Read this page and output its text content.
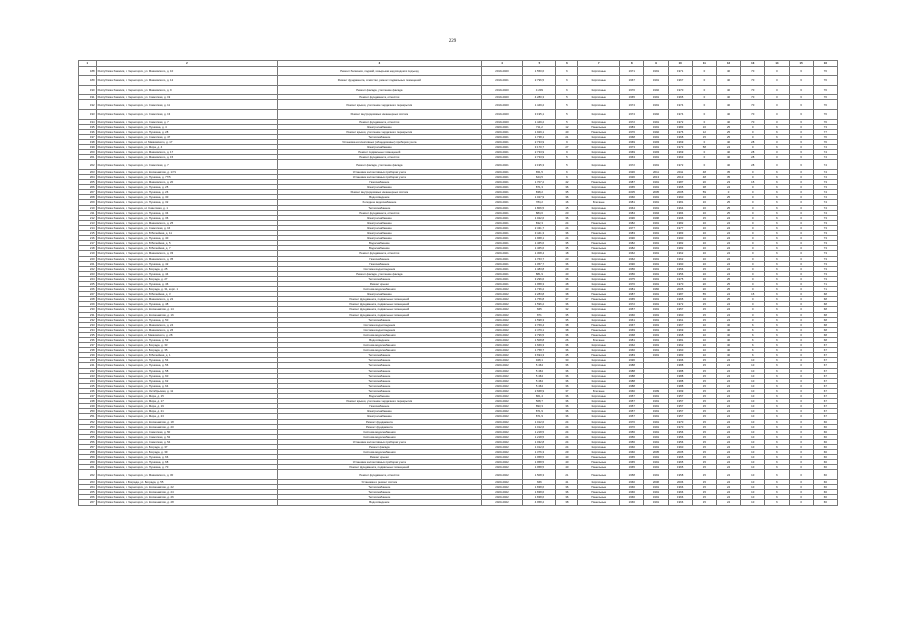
229
1	2	3	4	5	6	7	8	9	10	11	12	13	14	15	16
188	Республика Хакасия, г. Черногорск, ул. Маяковского, д. 10	Ремонт балконов, лоджий, козырьков над входом в подъезд	2019-2020	1 550,6	6	Кирпичные	1971	1991	1971	0	40	70	0	6	76
189	Республика Хакасия, г. Черногорск, ул. Маяковского, д. 12	Ремонт фундамента, отмостки, ремонт подвальных помещений	2019-2021	2 796,5	6	Кирпичные	1967	1991	1967	0	40	70	0	6	76
190	Республика Хакасия, г. Черногорск, ул. Маяковского, д. 9	Ремонт фасада, утепление фасада	2019-2020	4 209	6	Кирпичные	1970	1992	1970	0	40	70	0	6	76
191	Республика Хакасия, г. Черногорск, ул. Советская, д. 19	Ремонт фундамента, отмостки	2019-2020	4 280,3	5	Кирпичные	1965	1991	1965	0	40	70	0	6	76
192	Республика Хакасия, г. Черногорск, ул. Советская, д. 11	Ремонт крыши, утепление чердачного перекрытия	2019-2020	1 449,2	5	Кирпичные	1974	1991	1974	0	40	70	0	6	76
193	Республика Хакасия, г. Черногорск, ул. Советская, д. 13	Ремонт внутридомовых инженерных систем	2019-2020	3 195,1	5	Кирпичные	1974	1992	1974	0	40	70	0	6	76
194	Республика Хакасия, г. Черногорск, ул. Советская, д. 7	Ремонт фундамента, отмостки	2019-2020	1 449,2	5	Кирпичные	1972	1991	1972	0	40	70	0	6	76
195	Республика Хакасия, г. Черногорск, ул. Пушкина, д. 4	Электроснабжение	2020-2021	711,2	12	Панельные	1983	1991	1983	16	25	0	6	0	73
196	Республика Хакасия, г. Черногорск, ул. Пушкина, д. 28	Ремонт крыши, утепление чердачного перекрытия	2020-2021	1 929,1	40	Панельные	1976	1992	1976	12	25	0	6	0	77
197	Республика Хакасия, г. Черногорск, ул. Советская, д. 47	Теплоснабжение	2020-2021	1 738,1	21	Кирпичные	1968	1991	1968	15	25	0	6	0	76
198	Республика Хакасия, г. Черногорск, ul. Маяковского, д. 17	Установка коллективных (общедомовых) приборов учета	2020-2021	2 733,9	9	Кирпичные	1969	1993	1969	0	40	28	0	6	76
199	Республика Хакасия, г. Черногорск, ул. Мира, д. 4	Электроснабжение	2020-2021	3 170,7	27	Кирпичные	1973	1991	1973	58	24	0	6	0	74
200	Республика Хакасия, г. Черногорск, ул. Маяковского, д. 17	Ремонт подвальных помещений	2020-2021	2 733,9	9	Кирпичные	1969	1993	1969	0	40	28	0	6	74
201	Республика Хакасия, г. Черногорск, ул. Маяковского, д. 15	Ремонт фундамента, отмостки	2020-2021	2 733,9	5	Кирпичные	1963	1991	1963	0	40	28	0	6	74
202	Республика Хакасия, г. Черногорск, ул. Советская, д. 7	Ремонт фасада, утепление фасада	2020-2021	2 195,3	5	Кирпичные	1972	1991	1972	0	40	28	0	6	74
203	Республика Хакасия, г. Черногорск, ул. Космонавтов, д. 17/1	Установка коллективных приборов учета	2020-2021	651,5	6	Кирпичные	1936	2011	2011	48	35	0	6	0	74
204	Республика Хакасия, г. Черногорск, ул. Пушкина, д. 77/5	Установка коллективных приборов учета	2020-2021	624,5	6	Кирпичные	1936	2013	2013	48	35	0	6	0	74
205	Республика Хакасия, г. Черногорск, ул. Маяковского, д. 20	Газоснабжение	2020-2021	1 707,2	42	Панельные	1987	1991	1987	20	23	15	6	0	73
206	Республика Хакасия, г. Черногорск, ул. Пушкина, д. 25	Электроснабжение	2020-2021	871,3	36	Кирпичные	1965	1991	1965	38	24	0	6	0	73
207	Республика Хакасия, г. Черногорск, ул. Пушкина, д. 26	Ремонт внутридомовых инженерных систем	2020-2021	838,2	35	Кирпичные	2005	2005	2005	59	0	0	6	0	74
208	Республика Хакасия, г. Черногорск, ул. Пушкина, д. 30	Водоотведение	2020-2021	1 027,9	36	Кирпичные	1960	1991	1960	16	25	0	6	0	74
209	Республика Хакасия, г. Черногорск, ул. Пушкина, д. 32	Холодное водоснабжение	2020-2021	784,2	16	Блочные	1981	1991	1981	16	25	0	6	0	74
210	Республика Хакасия, г. Черногорск, ul. Советская, д. 1	Теплоснабжение	2020-2021	1 806,5	15	Кирпичные	1964	1991	1964	16	25	0	6	0	74
211	Республика Хакасия, г. Черногорск, ул. Пушкина, д. 34	Ремонт фундамента, отмостки	2020-2021	884,6	20	Кирпичные	1984	1994	1984	16	25	0	6	0	74
212	Республика Хакасия, г. Черногорск, ул. Пушкина, д. 36	Электроснабжение	2020-2021	1 022,6	36	Кирпичные	1996	1996	1996	15	24	0	6	0	73
213	Республика Хакасия, г. Черногорск, ул. Маяковского, д. 25	Электроснабжение	2020-2021	832,3	24	Панельные	1982	1991	1982	16	24	0	6	0	73
214	Республика Хакасия, г. Черногорск, ул. Советская, д. 16	Электроснабжение	2020-2021	2 431,7	24	Кирпичные	1977	1991	1977	16	24	0	6	0	73
215	Республика Хакасия, г. Черногорск, ул. Юбилейная, д. 11	Электроснабжение	2020-2021	3 441,3	36	Панельные	1983	1991	1983	16	24	0	6	0	73
216	Республика Хакасия, г. Черногорск, ул. Пушкина, д. 40	Электроснабжение	2020-2021	1 968,1	24	Кирпичные	1990	1991	1990	16	24	0	6	0	73
217	Республика Хакасия, г. Черногорск, ул. Юбилейная, д. 5	Водоснабжение	2020-2021	1 465,6	35	Панельные	1982	1991	1982	16	24	0	6	0	73
218	Республика Хакасия, г. Черногорск, ул. Юбилейная, д. 7	Водоснабжение	2020-2021	1 465,6	35	Панельные	1982	1991	1982	16	24	0	6	0	73
219	Республика Хакасия, г. Черногорск, ул. Маяковского, д. 33	Ремонт фундамента, отмостки	2020-2021	1 308,4	18	Кирпичные	1962	1991	1962	16	24	0	6	0	73
220	Республика Хакасия, г. Черногорск, ул. Маяковского, д. 35	Газоснабжение	2020-2021	1 763,7	23	Кирпичные	1962	1991	1962	16	24	0	6	0	73
221	Республика Хакасия, г. Черногорск, ул. Пушкина, д. 42	Газоснабжение	2020-2021	1 057,7	36	Кирпичные	1990	1991	1990	16	24	0	6	0	73
222	Республика Хакасия, г. Черногорск, ул. Бограда, д. 25	Система водоотведения	2020-2021	1 483,8	29	Кирпичные	1956	1991	1956	15	24	0	6	0	73
223	Республика Хакасия, г. Черногорск, ул. Пушкина, д. 44	Ремонт фасада, утепление фасада	2020-2021	881,9	40	Кирпичные	1956	1991	1956	16	24	0	6	0	73
224	Республика Хакасия, г. Черногорск, ул. Бограда, д. 27	Теплоснабжение	2020-2021	3 296,6	36	Кирпичные	1975	1991	1975	16	25	0	6	0	73
225	Республика Хакасия, г. Черногорск, ул. Пушкина, д. 46	Ремонт крыши	2020-2021	1 958,3	48	Кирпичные	1970	1991	1970	20	25	0	6	0	71
226	Республика Хакасия, г. Черногорск, ул. Бограда, д. 31, корп. 1	Система водоснабжения	2020-2022	1 736,2	40	Кирпичные	1981	1982	2005	20	25	0	6	0	71
227	Республика Хакасия, г. Черногорск, ул. Юбилейная, д. 3	Электроснабжение	2020-2022	2 283,8	38	Панельные	1987	1991	1987	55	24	15	6	0	68
228	Республика Хакасия, г. Черногорск, ул. Маяковского, д. 22	Ремонт фундамента, подвальных помещений	2020-2022	1 756,8	37	Панельные	1965	1991	1965	16	25	0	6	0	68
229	Республика Хакасия, г. Черногорск, ул. Пушкина, д. 48	Ремонт фундамента, подвальных помещений	2020-2022	1 596,2	36	Кирпичные	1972	1991	1972	15	24	0	6	0	68
230	Республика Хакасия, г. Черногорск, ул. Космонавтов, д. 14	Ремонт фундамента, подвальных помещений	2020-2022	665	32	Кирпичные	1957	1991	1957	15	24	0	6	0	68
231	Республика Хакасия, г. Черногорск, ул. Космонавтов, д. 16	Ремонт фундамента, подвальных помещений	2020-2022	871	35	Кирпичные	1960	1991	1960	15	24	0	6	0	68
232	Республика Хакасия, г. Черногорск, ул. Пушкина, д. 50	Теплоснабжение	2020-2022	1 598,3	35	Кирпичные	1961	1991	1961	15	24	0	6	0	68
233	Республика Хакасия, г. Черногорск, ул. Маяковского, д. 24	Система водоотведения	2020-2022	2 769,4	38	Панельные	1967	1991	1967	10	40	6	6	0	68
234	Республика Хакасия, г. Черногорск, ул. Маяковского, д. 26	Система водоотведения	2020-2022	2 479,1	38	Панельные	1969	1991	1969	10	40	6	6	0	68
235	Республика Хакасия, г. Черногорск, ul. Маяковского, д. 28	Система водоснабжения	2020-2022	2 796,5	36	Панельные	1968	1991	1968	10	40	6	6	0	68
236	Республика Хакасия, г. Черногорск, ул. Пушкина, д. 52	Водоотведение	2020-2022	1 508,8	26	Блочные	1981	1991	1981	10	40	6	6	0	68
237	Республика Хакасия, г. Черногорск, ул. Бограда, д. 33	Система водоснабжения	2020-2022	1 669,3	36	Кирпичные	1962	1991	1962	10	40	6	6	0	67
238	Республика Хакасия, г. Черногорск, ул. Бограда, д. 35	Система водоснабжения	2020-2022	1 758,7	36	Кирпичные	1960	1991	1960	10	40	6	6	0	67
239	Республика Хакасия, г. Черногорск, ул. Юбилейная, д. 1	Теплоснабжение	2020-2022	3 694,3	45	Панельные	1983	1991	1983	10	40	6	6	0	67
240	Республика Хакасия, г. Черногорск, ул. Пушкина, д. 54	Теплоснабжение	2020-2022	948,1	30	Кирпичные	1996		1996	15	24	10	6	0	67
241	Республика Хакасия, г. Черногорск, ул. Пушкина, д. 56	Теплоснабжение	2020-2022	5 464	36	Кирпичные	1988		1988	15	24	10	6	0	67
242	Республика Хакасия, г. Черногорск, ул. Пушкина, д. 58	Теплоснабжение	2020-2022	5 464	36	Кирпичные	1988		1988	15	24	10	6	0	67
243	Республика Хакасия, г. Черногорск, ул. Пушкина, д. 60	Теплоснабжение	2020-2022	5 464	36	Кирпичные	1988		1988	15	24	10	6	0	67
244	Республика Хакасия, г. Черногорск, ул. Пушкина, д. 62	Теплоснабжение	2020-2022	5 464	36	Кирпичные	1988		1988	15	24	10	6	0	67
245	Республика Хакасия, г. Черногорск, ул. Пушкина, д. 64	Теплоснабжение	2020-2022	5 464	36	Кирпичные	1988		1988	15	24	10	6	0	67
246	Республика Хакасия, г. Черногорск, ул. Октябрьская, д. 11	Теплоснабжение	2020-2022	2 668,9	37	Блочные	1960	1999	1999	15	24	10	6	0	67
247	Республика Хакасия, г. Черногорск, ул. Мира, д. 15	Водоснабжение	2020-2022	861,4	36	Кирпичные	1957	1991	1957	15	24	10	6	0	67
248	Республика Хакасия, г. Черногорск, ул. Мира, д. 17	Ремонт крыши, утепление чердачного перекрытия	2020-2022	568,7	36	Кирпичные	1957	1991	1957	15	24	10	6	0	67
249	Республика Хакасия, г. Черногорск, ул. Мира, д. 19	Газоснабжение	2020-2022	893,3	36	Кирпичные	1957	1991	1957	15	24	10	6	0	67
250	Республика Хакасия, г. Черногорск, ул. Мира, д. 21	Электроснабжение	2020-2022	871,9	36	Кирпичные	1957	1991	1957	15	24	10	6	0	67
251	Республика Хакасия, г. Черногорск, ул. Мира, д. 23	Электроснабжение	2020-2022	871,9	36	Кирпичные	1957	1991	1957	15	24	10	6	0	67
252	Республика Хакасия, г. Черногорск, ул. Космонавтов, д. 18	Ремонт фундамента	2020-2022	1 012,6	24	Кирпичные	1970	1991	1970	15	24	10	6	0	66
253	Республика Хакасия, г. Черногорск, ул. Космонавтов, д. 20	Ремонт фундамента	2020-2022	1 012,6	24	Кирпичные	1970	1991	1970	15	24	10	6	0	66
254	Республика Хакасия, г. Черногорск, ул. Советская, д. 50	Система водоснабжения	2020-2022	1 218,5	24	Кирпичные	1956	1991	1956	15	24	10	6	0	66
255	Республика Хакасия, г. Черногорск, ул. Советская, д. 52	Система водоснабжения	2020-2022	1 218,5	24	Кирпичные	1956	1991	1956	15	24	10	6	0	66
256	Республика Хакасия, г. Черногорск, ул. Советская, д. 54	Установка коллективных приборов учета	2020-2022	1 032,8	24	Кирпичные	1956	1991	1956	15	24	10	6	0	66
257	Республика Хакасия, г. Черногорск, ул. Бограда, д. 37	Ремонт фасада	2020-2022	1 012,6	24	Кирпичные	1960	1991	1960	15	24	10	6	0	66
258	Республика Хакасия, г. Черногорск, ул. Бограда, д. 39	Система водоснабжения	2020-2022	1 376,3	29	Кирпичные	1960	2005	2005	15	24	10	6	0	66
259	Республика Хакасия, г. Черногорск, ул. Пушкина, д. 66	Ремонт крыши	2020-2022	1 958,5	40	Панельные	1965	1991	1965	15	24	10	6	0	66
260	Республика Хакасия, г. Черногорск, ул. Пушкина, д. 68	Установка коллективных приборов учета	2020-2022	1 958,5	40	Панельные	1965	1991	1965	15	24	10	6	0	66
261	Республика Хакасия, г. Черногорск, ул. Пушкина, д. 70	Ремонт фундамента, подвальных помещений	2020-2022	1 958,5	40	Панельные	1965	1991	1965	15	24	10	6	0	66
262	Республика Хакасия, г. Черногорск, ул. Маяковского, д. 30	Ремонт фундамента, отмостки	2020-2022	1 508,3	21	Панельные	1958	1991	1958	15	24	10	6	0	66
263	Республика Хакасия, г. Бограда, ул. Бограда, д. 55	Установка и ремонт систем	2020-2022	666	41	Кирпичные	1960	2006	2006	15	24	10	6	0	66
264	Республика Хакасия, г. Черногорск, ул. Космонавтов, д. 22	Теплоснабжение	2020-2022	1 838,6	36	Панельные	1966	1991	1966	15	24	10	6	0	66
265	Республика Хакасия, г. Черногорск, ул. Космонавтов, д. 24	Теплоснабжение	2020-2022	1 838,6	36	Панельные	1966	1991	1966	15	24	10	6	0	66
266	Республика Хакасия, г. Черногорск, ул. Космонавтов, д. 26	Теплоснабжение	2020-2022	1 838,6	36	Панельные	1966	1991	1966	15	24	10	6	0	66
267	Республика Хакасия, г. Черногорск, ул. Космонавтов, д. 28	Водоотведение	2020-2022	4 958,2	38	Панельные	1966	1991	1966	15	24	10	6	0	66
